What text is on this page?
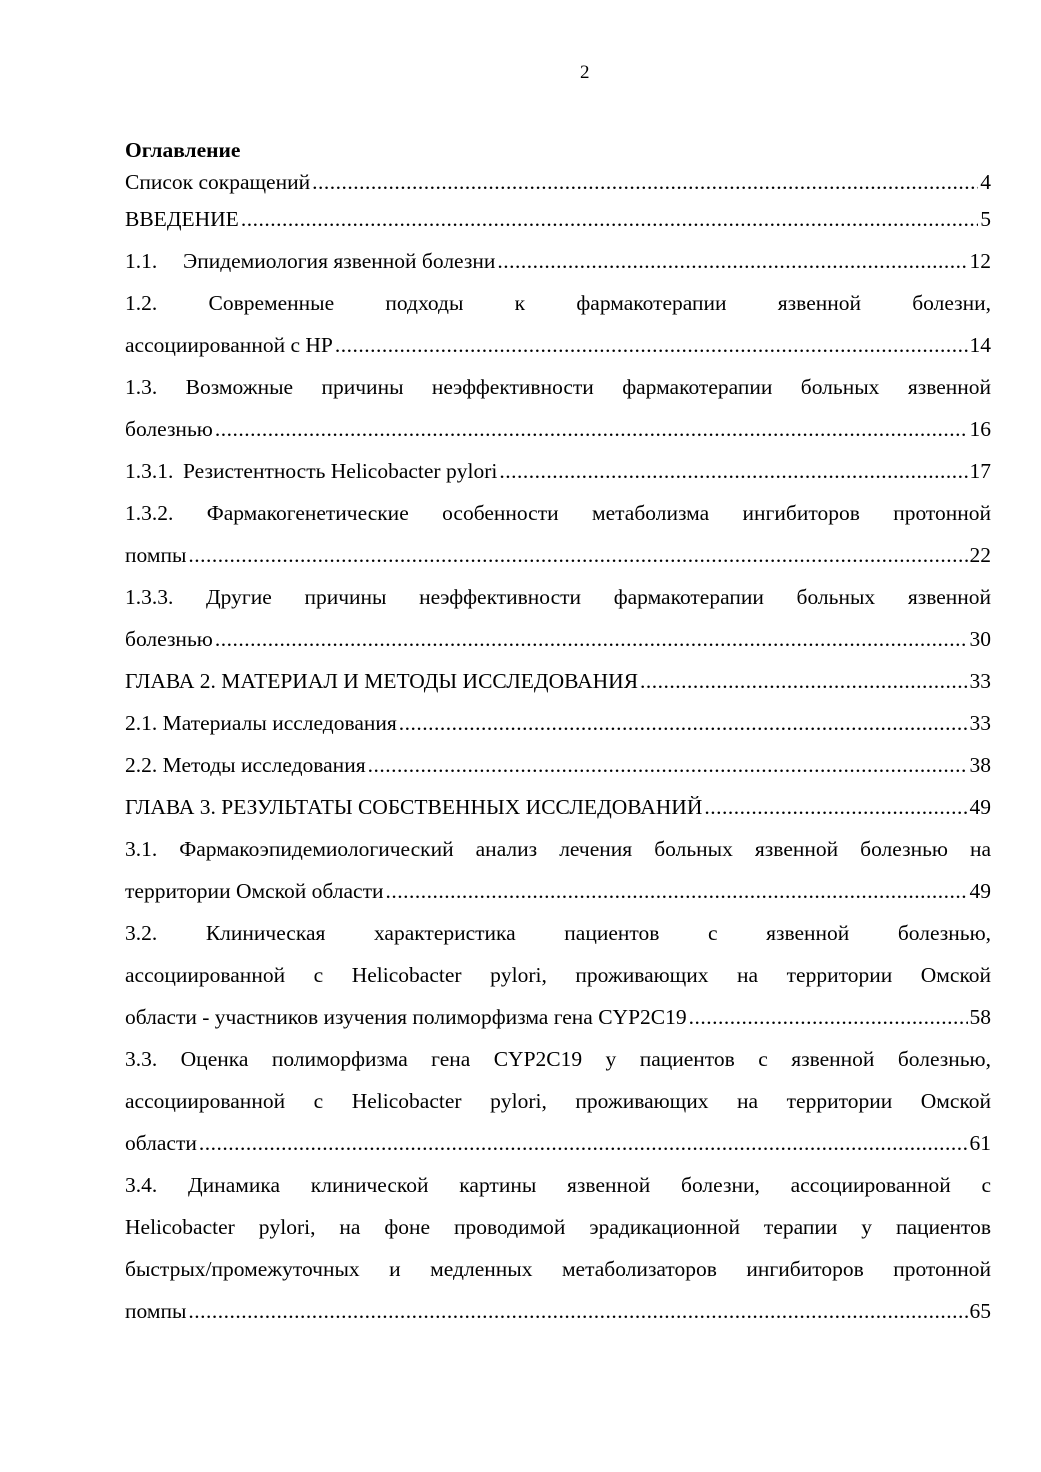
2
Оглавление
Список сокращений .....	4
ВВЕДЕНИЕ .....	5
1.1. Эпидемиология язвенной болезни .....	12
1.2. Современные подходы к фармакотерапии язвенной болезни,
ассоциированной с НР .....	14
1.3. Возможные причины неэффективности фармакотерапии больных язвенной
болезнью .....	16
1.3.1. Резистентность Helicobacter pylori .....	17
1.3.2. Фармакогенетические особенности метаболизма ингибиторов протонной
помпы .....	22
1.3.3. Другие причины неэффективности фармакотерапии больных язвенной
болезнью .....	30
ГЛАВА 2. МАТЕРИАЛ И МЕТОДЫ ИССЛЕДОВАНИЯ .....	33
2.1. Материалы исследования .....	33
2.2. Методы исследования .....	38
ГЛАВА 3. РЕЗУЛЬТАТЫ СОБСТВЕННЫХ ИССЛЕДОВАНИЙ .....	49
3.1. Фармакоэпидемиологический анализ лечения больных язвенной болезнью на
территории Омской области .....	49
3.2. Клиническая характеристика пациентов с язвенной болезнью,
ассоциированной с Helicobacter pylori, проживающих на территории Омской
области - участников изучения полиморфизма гена CYP2C19 .....	58
3.3. Оценка полиморфизма гена CYP2C19 у пациентов с язвенной болезнью,
ассоциированной с Helicobacter pylori, проживающих на территории Омской
области .....	61
3.4. Динамика клинической картины язвенной болезни, ассоциированной с
Helicobacter pylori, на фоне проводимой эрадикационной терапии у пациентов
быстрых/промежуточных и медленных метаболизаторов ингибиторов протонной
помпы .....	65
